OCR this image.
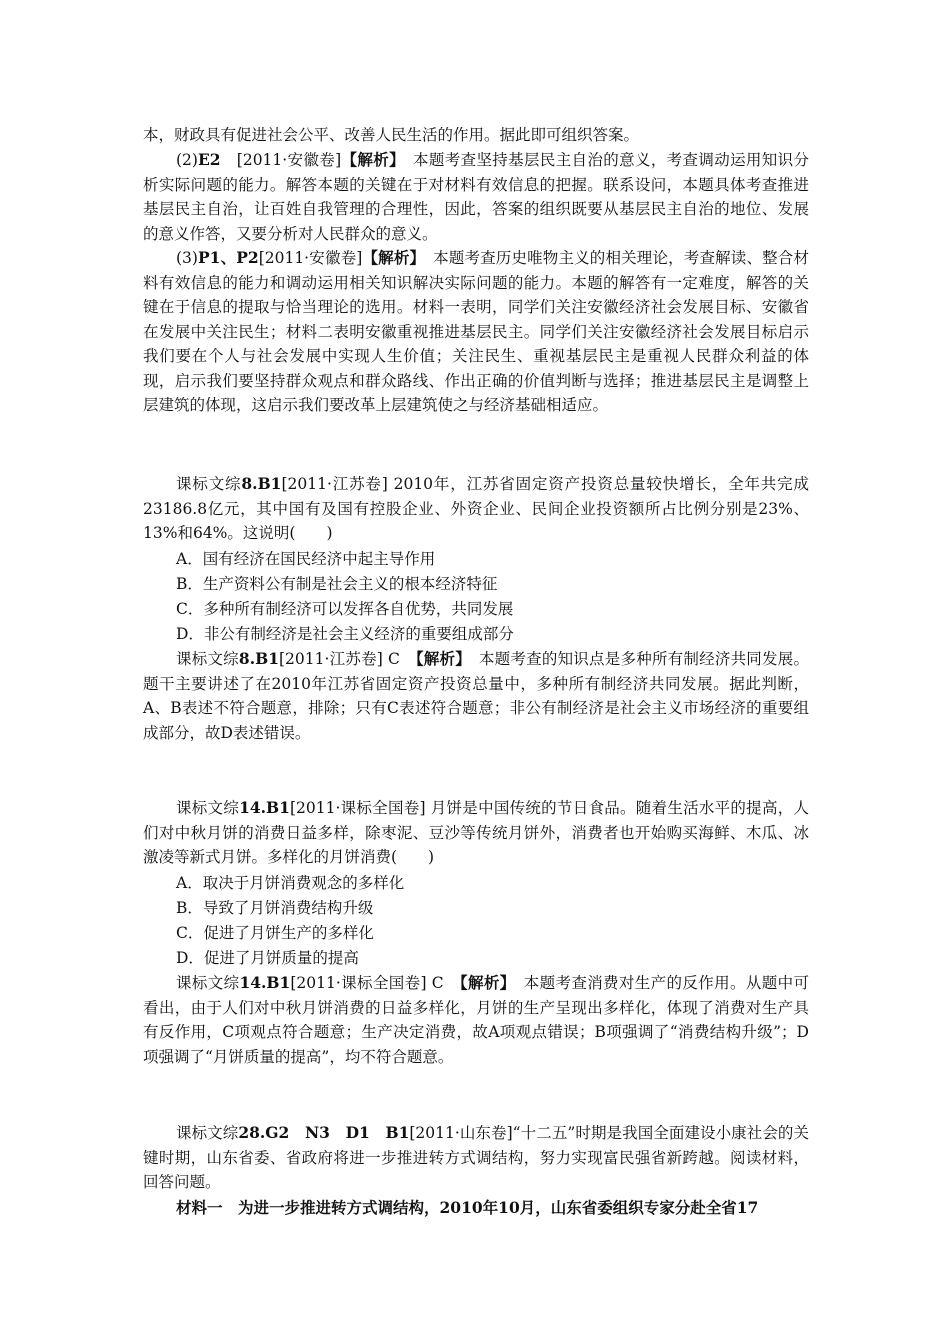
本，财政具有促进社会公平、改善人民生活的作用。据此即可组织答案。

(2)E2　[2011·安徽卷]【解析】　本题考查坚持基层民主自治的意义，考查调动运用知识分析实际问题的能力。解答本题的关键在于对材料有效信息的把握。联系设问，本题具体考查推进基层民主自治，让百姓自我管理的合理性，因此，答案的组织既要从基层民主自治的地位、发展的意义作答，又要分析对人民群众的意义。

(3)P1、P2[2011·安徽卷]【解析】　本题考查历史唯物主义的相关理论，考查解读、整合材料有效信息的能力和调动运用相关知识解决实际问题的能力。本题的解答有一定难度，解答的关键在于信息的提取与恰当理论的选用。材料一表明，同学们关注安徽经济社会发展目标、安徽省在发展中关注民生；材料二表明安徽重视推进基层民主。同学们关注安徽经济社会发展目标启示我们要在个人与社会发展中实现人生价值；关注民生、重视基层民主是重视人民群众利益的体现，启示我们要坚持群众观点和群众路线、作出正确的价值判断与选择；推进基层民主是调整上层建筑的体现，这启示我们要改革上层建筑使之与经济基础相适应。

课标文综8.B1[2011·江苏卷] 2010年，江苏省固定资产投资总量较快增长，全年共完成23186.8亿元，其中国有及国有控股企业、外资企业、民间企业投资额所占比例分别是23%、13%和64%。这说明(　　)

A．国有经济在国民经济中起主导作用

B．生产资料公有制是社会主义的根本经济特征

C．多种所有制经济可以发挥各自优势，共同发展

D．非公有制经济是社会主义经济的重要组成部分

课标文综8.B1[2011·江苏卷] C　【解析】　本题考查的知识点是多种所有制经济共同发展。题干主要讲述了在2010年江苏省固定资产投资总量中，多种所有制经济共同发展。据此判断，A、B表述不符合题意，排除；只有C表述符合题意；非公有制经济是社会主义市场经济的重要组成部分，故D表述错误。

课标文综14.B1[2011·课标全国卷] 月饼是中国传统的节日食品。随着生活水平的提高，人们对中秋月饼的消费日益多样，除枣泥、豆沙等传统月饼外，消费者也开始购买海鲜、木瓜、冰激凌等新式月饼。多样化的月饼消费(　　)

A．取决于月饼消费观念的多样化

B．导致了月饼消费结构升级

C．促进了月饼生产的多样化

D．促进了月饼质量的提高

课标文综14.B1[2011·课标全国卷] C　【解析】　本题考查消费对生产的反作用。从题中可看出，由于人们对中秋月饼消费的日益多样化，月饼的生产呈现出多样化，体现了消费对生产具有反作用，C项观点符合题意；生产决定消费，故A项观点错误；B项强调了“消费结构升级”；D项强调了“月饼质量的提高”，均不符合题意。

课标文综28.G2　N3　D1　B1[2011·山东卷]“十二五”时期是我国全面建设小康社会的关键时期，山东省委、省政府将进一步推进转方式调结构，努力实现富民强省新跨越。阅读材料，回答问题。

材料一　为进一步推进转方式调结构，2010年10月，山东省委组织专家分赴全省17
